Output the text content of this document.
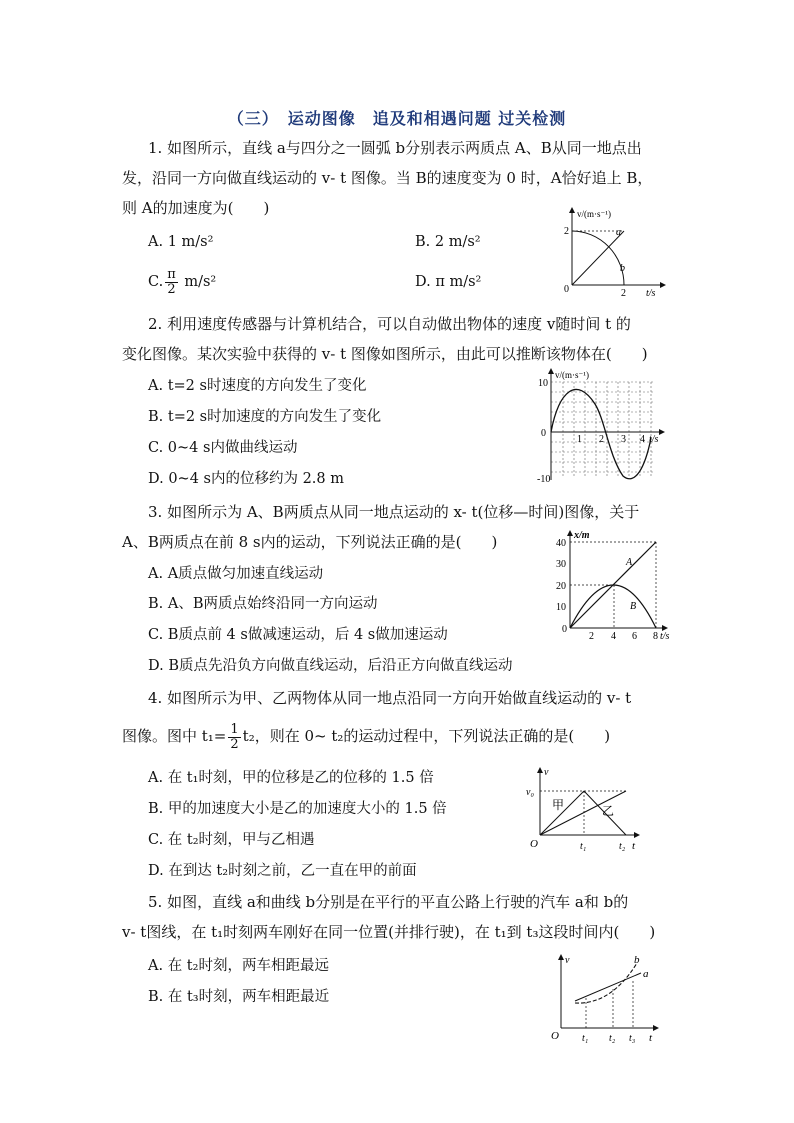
（三）　运动图像　追及和相遇问题 过关检测
1. 如图所示，直线 a与四分之一圆弧 b分别表示两质点 A、B从同一地点出
发，沿同一方向做直线运动的 v- t 图像。当 B的速度变为 0 时，A恰好追上 B，
则 A的加速度为(　　)
A. 1 m/s²	B. 2 m/s²
C. $\frac{\pi}{2} m/s^2$	D. π m/s²
v/(m·s⁻¹)
2
0	2 t/s
a
b
2. 利用速度传感器与计算机结合，可以自动做出物体的速度 v随时间 t 的
变化图像。某次实验中获得的 v- t 图像如图所示，由此可以推断该物体在(　　)
A. t=2 s时速度的方向发生了变化
B. t=2 s时加速度的方向发生了变化
C. 0~4 s内做曲线运动
D. 0~4 s内的位移约为 2.8 m
v/(m·s⁻¹)
10
0
-10
1 2 3 4 t/s
3. 如图所示为 A、B两质点从同一地点运动的 x- t(位移—时间)图像，关于
A、B两质点在前 8 s内的运动，下列说法正确的是(　　)
A. A质点做匀加速直线运动
B. A、B两质点始终沿同一方向运动
C. B质点前 4 s做减速运动，后 4 s做加速运动
D. B质点先沿负方向做直线运动，后沿正方向做直线运动
x/m
40
30
20
10
0
2 4 6 8 t/s
A
B
4. 如图所示为甲、乙两物体从同一地点沿同一方向开始做直线运动的 v- t
图像。图中 $t_1= \frac{1}{2} t_2$，则在 0~ t₂的运动过程中，下列说法正确的是(　　)
A. 在 t₁时刻，甲的位移是乙的位移的 1.5 倍
B. 甲的加速度大小是乙的加速度大小的 1.5 倍
C. 在 t₂时刻，甲与乙相遇
D. 在到达 t₂时刻之前，乙一直在甲的前面
v
v₀
O	t₁	t₂ t
甲	乙
5. 如图，直线 a和曲线 b分别是在平行的平直公路上行驶的汽车 a和 b的
v- t图线，在 t₁时刻两车刚好在同一位置(并排行驶)，在 t₁到 t₃这段时间内(　　)
A. 在 t₂时刻，两车相距最远
B. 在 t₃时刻，两车相距最近
v
O t₁ t₂ t₃ t
a
b
